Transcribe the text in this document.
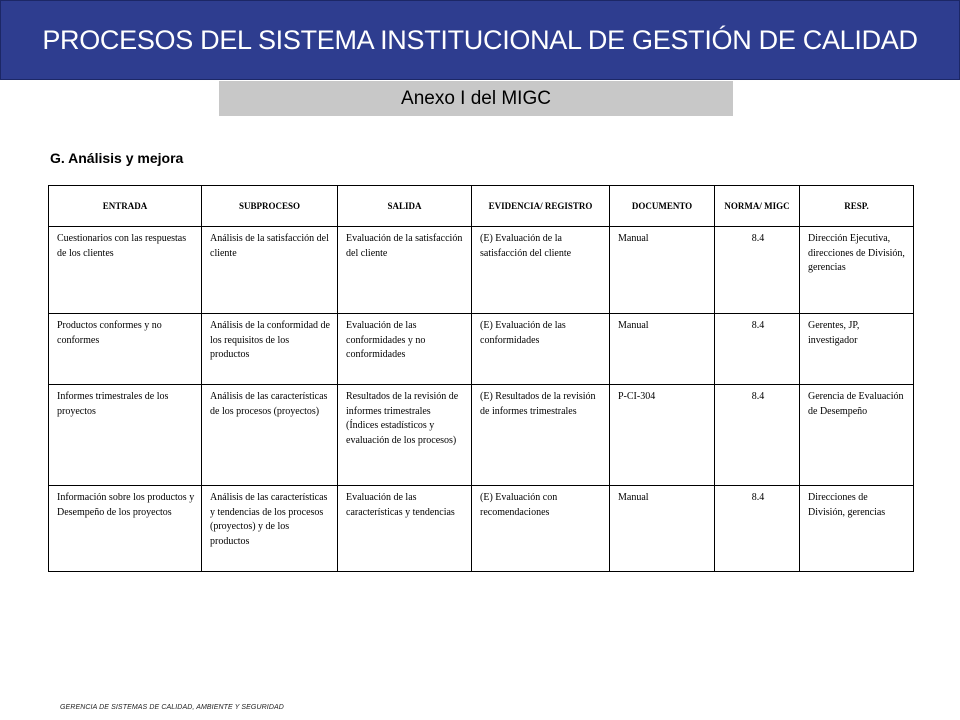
PROCESOS DEL SISTEMA INSTITUCIONAL DE GESTIÓN DE CALIDAD
Anexo I del MIGC
G. Análisis y mejora
ENTRADA	SUBPROCESO	SALIDA	EVIDENCIA/ REGISTRO	DOCUMENTO	NORMA/ MIGC	RESP.
Cuestionarios con las respuestas de los clientes	Análisis de la satisfacción del cliente	Evaluación de la satisfacción del cliente	(E) Evaluación de la satisfacción del cliente	Manual	8.4	Dirección Ejecutiva, direcciones de División, gerencias
Productos conformes y no conformes	Análisis de la conformidad de los requisitos de los productos	Evaluación de las conformidades y no conformidades	(E) Evaluación de las conformidades	Manual	8.4	Gerentes, JP, investigador
Informes trimestrales de los proyectos	Análisis de las características de los procesos (proyectos)	Resultados de la revisión de informes trimestrales (Índices estadísticos y evaluación de los procesos)	(E) Resultados de la revisión de informes trimestrales	P-CI-304	8.4	Gerencia de Evaluación de Desempeño
Información sobre los productos y Desempeño de los proyectos	Análisis de las características y tendencias de los procesos (proyectos) y de los productos	Evaluación de las características y tendencias	(E) Evaluación con recomendaciones	Manual	8.4	Direcciones de División, gerencias
GERENCIA DE SISTEMAS DE CALIDAD, AMBIENTE Y SEGURIDAD
